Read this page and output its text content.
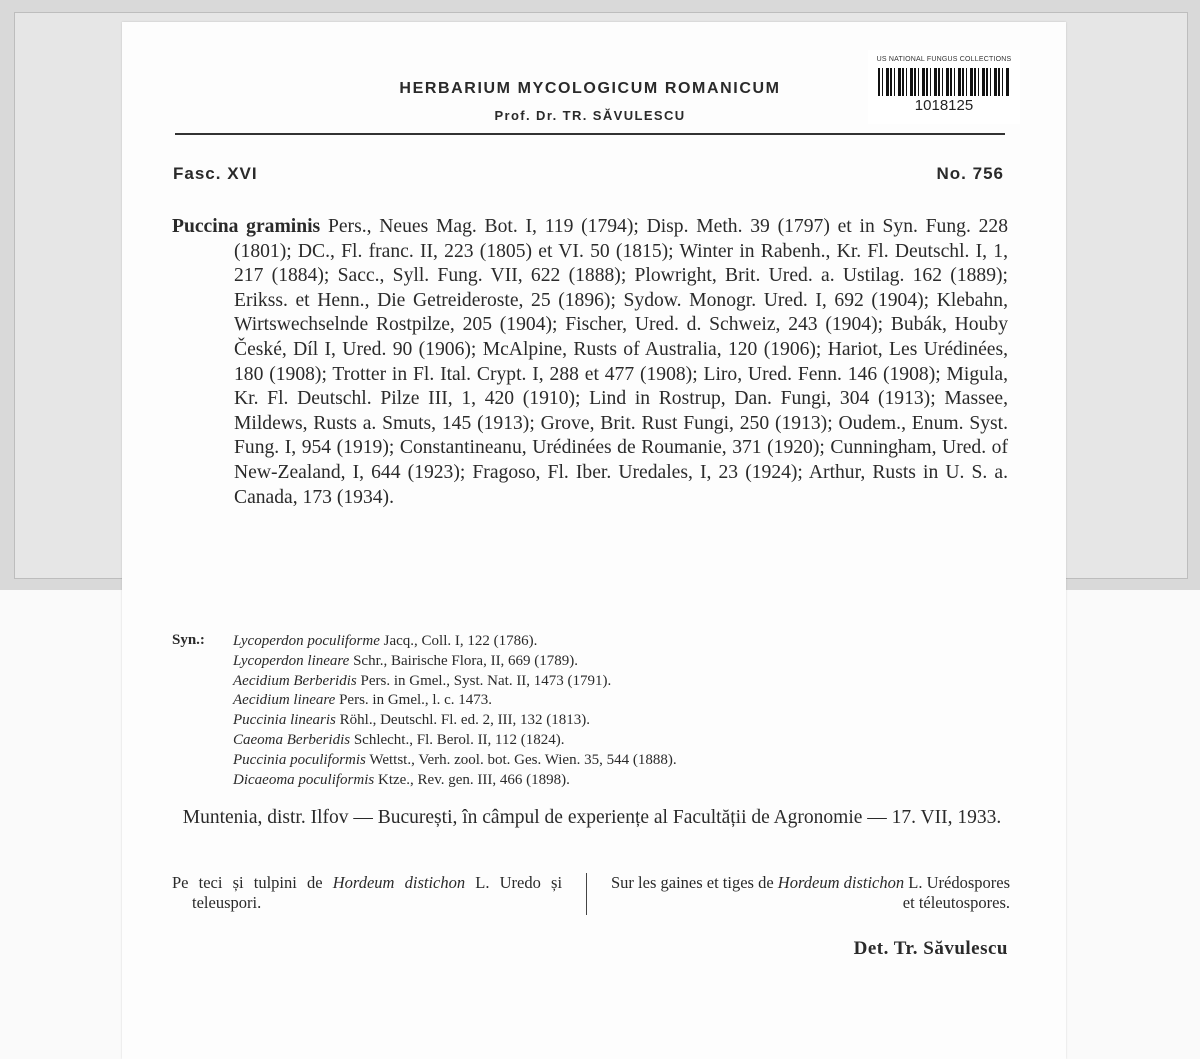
US NATIONAL FUNGUS COLLECTIONS
1018125
HERBARIUM MYCOLOGICUM ROMANICUM
Prof. Dr. TR. SĂVULESCU
Fasc. XVI	No. 756
Puccina graminis Pers., Neues Mag. Bot. I, 119 (1794); Disp. Meth. 39 (1797) et in Syn. Fung. 228 (1801); DC., Fl. franc. II, 223 (1805) et VI. 50 (1815); Winter in Rabenh., Kr. Fl. Deutschl. I, 1, 217 (1884); Sacc., Syll. Fung. VII, 622 (1888); Plowright, Brit. Ured. a. Ustilag. 162 (1889); Erikss. et Henn., Die Getreideroste, 25 (1896); Sydow. Monogr. Ured. I, 692 (1904); Klebahn, Wirtswechselnde Rostpilze, 205 (1904); Fischer, Ured. d. Schweiz, 243 (1904); Bubák, Houby České, Díl I, Ured. 90 (1906); McAlpine, Rusts of Australia, 120 (1906); Hariot, Les Urédinées, 180 (1908); Trotter in Fl. Ital. Crypt. I, 288 et 477 (1908); Liro, Ured. Fenn. 146 (1908); Migula, Kr. Fl. Deutschl. Pilze III, 1, 420 (1910); Lind in Rostrup, Dan. Fungi, 304 (1913); Massee, Mildews, Rusts a. Smuts, 145 (1913); Grove, Brit. Rust Fungi, 250 (1913); Oudem., Enum. Syst. Fung. I, 954 (1919); Constantineanu, Urédinées de Roumanie, 371 (1920); Cunningham, Ured. of New-Zealand, I, 644 (1923); Fragoso, Fl. Iber. Uredales, I, 23 (1924); Arthur, Rusts in U. S. a. Canada, 173 (1934).
Syn.: Lycoperdon poculiforme Jacq., Coll. I, 122 (1786).
Lycoperdon lineare Schr., Bairische Flora, II, 669 (1789).
Aecidium Berberidis Pers. in Gmel., Syst. Nat. II, 1473 (1791).
Aecidium lineare Pers. in Gmel., l. c. 1473.
Puccinia linearis Röhl., Deutschl. Fl. ed. 2, III, 132 (1813).
Caeoma Berberidis Schlecht., Fl. Berol. II, 112 (1824).
Puccinia poculiformis Wettst., Verh. zool. bot. Ges. Wien. 35, 544 (1888).
Dicaeoma poculiformis Ktze., Rev. gen. III, 466 (1898).
Muntenia, distr. Ilfov — București, în câmpul de experiențe al Facultății de Agronomie — 17. VII, 1933.
Pe teci și tulpini de Hordeum distichon L. Uredo și teleuspori.
Sur les gaines et tiges de Hordeum distichon L. Urédospores et téleutospores.
Det. Tr. Săvulescu
